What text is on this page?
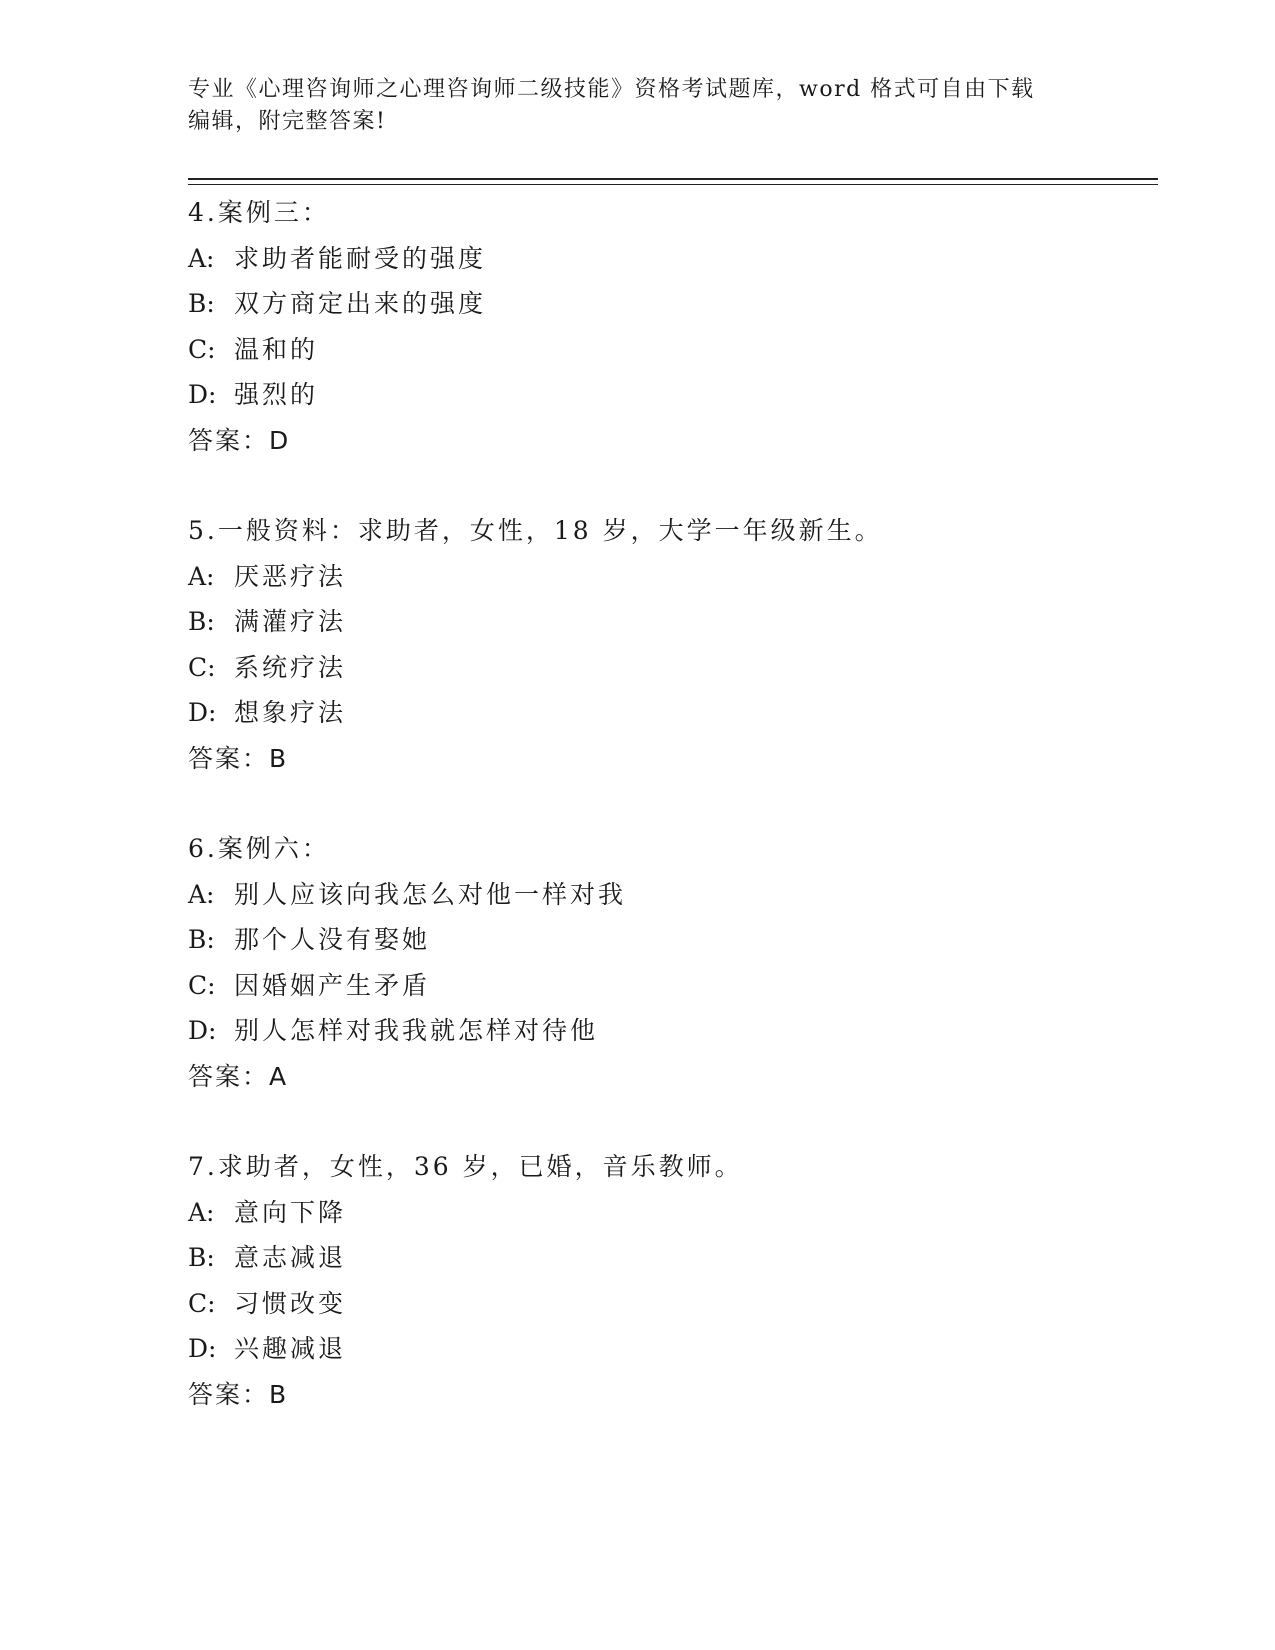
专业《心理咨询师之心理咨询师二级技能》资格考试题库，word 格式可自由下载
编辑，附完整答案!
4.案例三：
A: 求助者能耐受的强度
B: 双方商定出来的强度
C: 温和的
D: 强烈的
答案：D
5.一般资料：求助者，女性，18 岁，大学一年级新生。
A: 厌恶疗法
B: 满灌疗法
C: 系统疗法
D: 想象疗法
答案：B
6.案例六：
A: 别人应该向我怎么对他一样对我
B: 那个人没有娶她
C: 因婚姻产生矛盾
D: 别人怎样对我我就怎样对待他
答案：A
7.求助者，女性，36 岁，已婚，音乐教师。
A: 意向下降
B: 意志减退
C: 习惯改变
D: 兴趣减退
答案：B
